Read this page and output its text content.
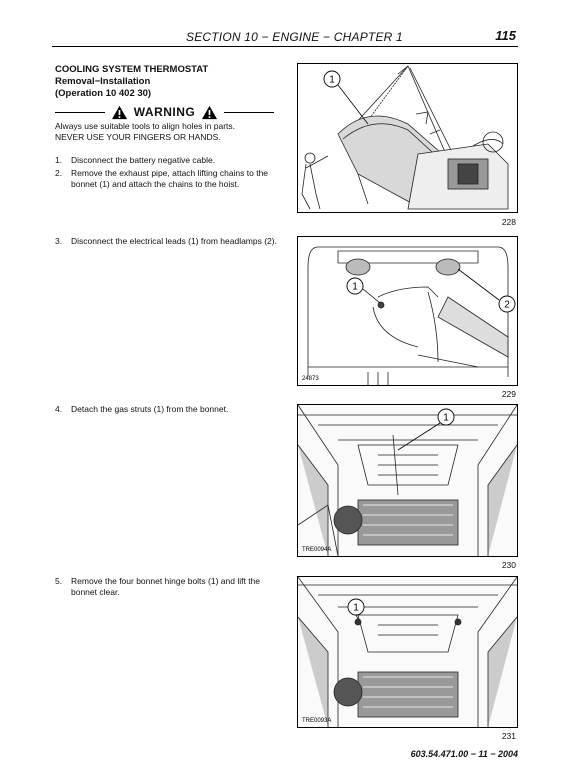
SECTION 10 − ENGINE − CHAPTER 1	115
COOLING SYSTEM THERMOSTAT
Removal−Installation
(Operation 10 402 30)
WARNING
Always use suitable tools to align holes in parts.
NEVER USE YOUR FINGERS OR HANDS.
1.	Disconnect the battery negative cable.
2.	Remove the exhaust pipe, attach lifting chains to the bonnet (1) and attach the chains to the hoist.
3.	Disconnect the electrical leads (1) from headlamps (2).
4.	Detach the gas struts (1) from the bonnet.
5.	Remove the four bonnet hinge bolts (1) and lift the bonnet clear.
1
228
24873
1
2
229
TRE0094A
1
230
TRE0093A
1
231
603.54.471.00 − 11 − 2004
